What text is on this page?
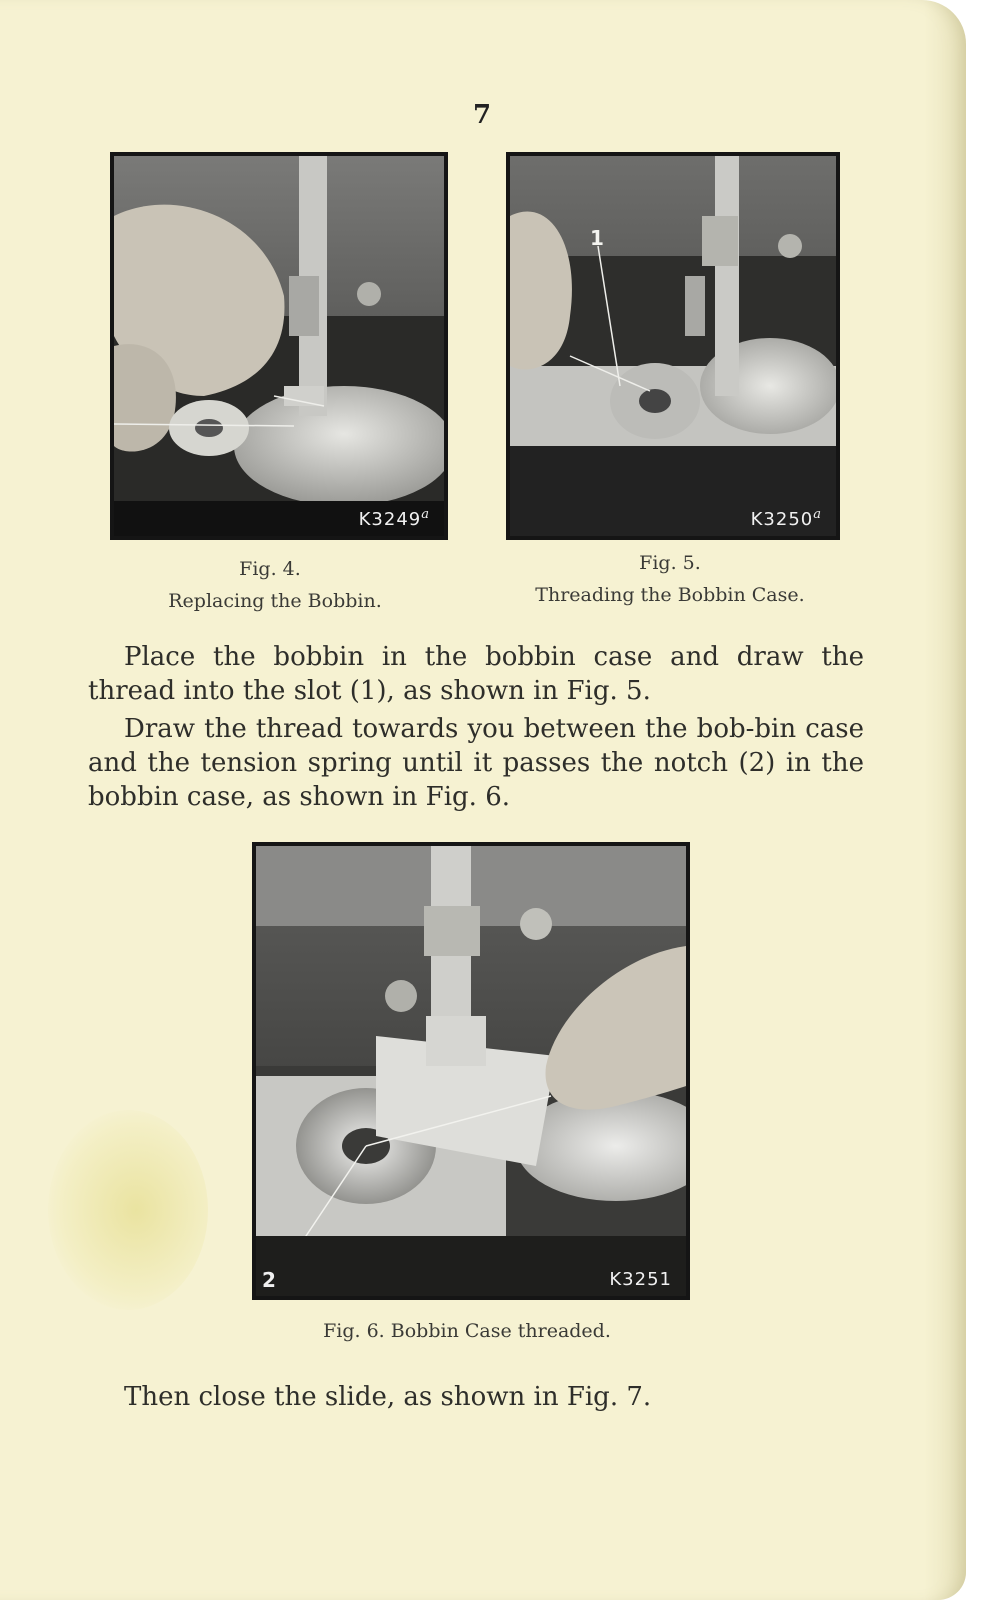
7
K3249$^a$
1
K3250$^a$
Fig. 4.
Replacing the Bobbin.
Fig. 5.
Threading the Bobbin Case.

Place the bobbin in the bobbin case and draw the thread into the slot (1), as shown in Fig. 5.

Draw the thread towards you between the bob-bin case and the tension spring until it passes the notch (2) in the bobbin case, as shown in Fig. 6.

2	K3251
Fig. 6. Bobbin Case threaded.

Then close the slide, as shown in Fig. 7.
